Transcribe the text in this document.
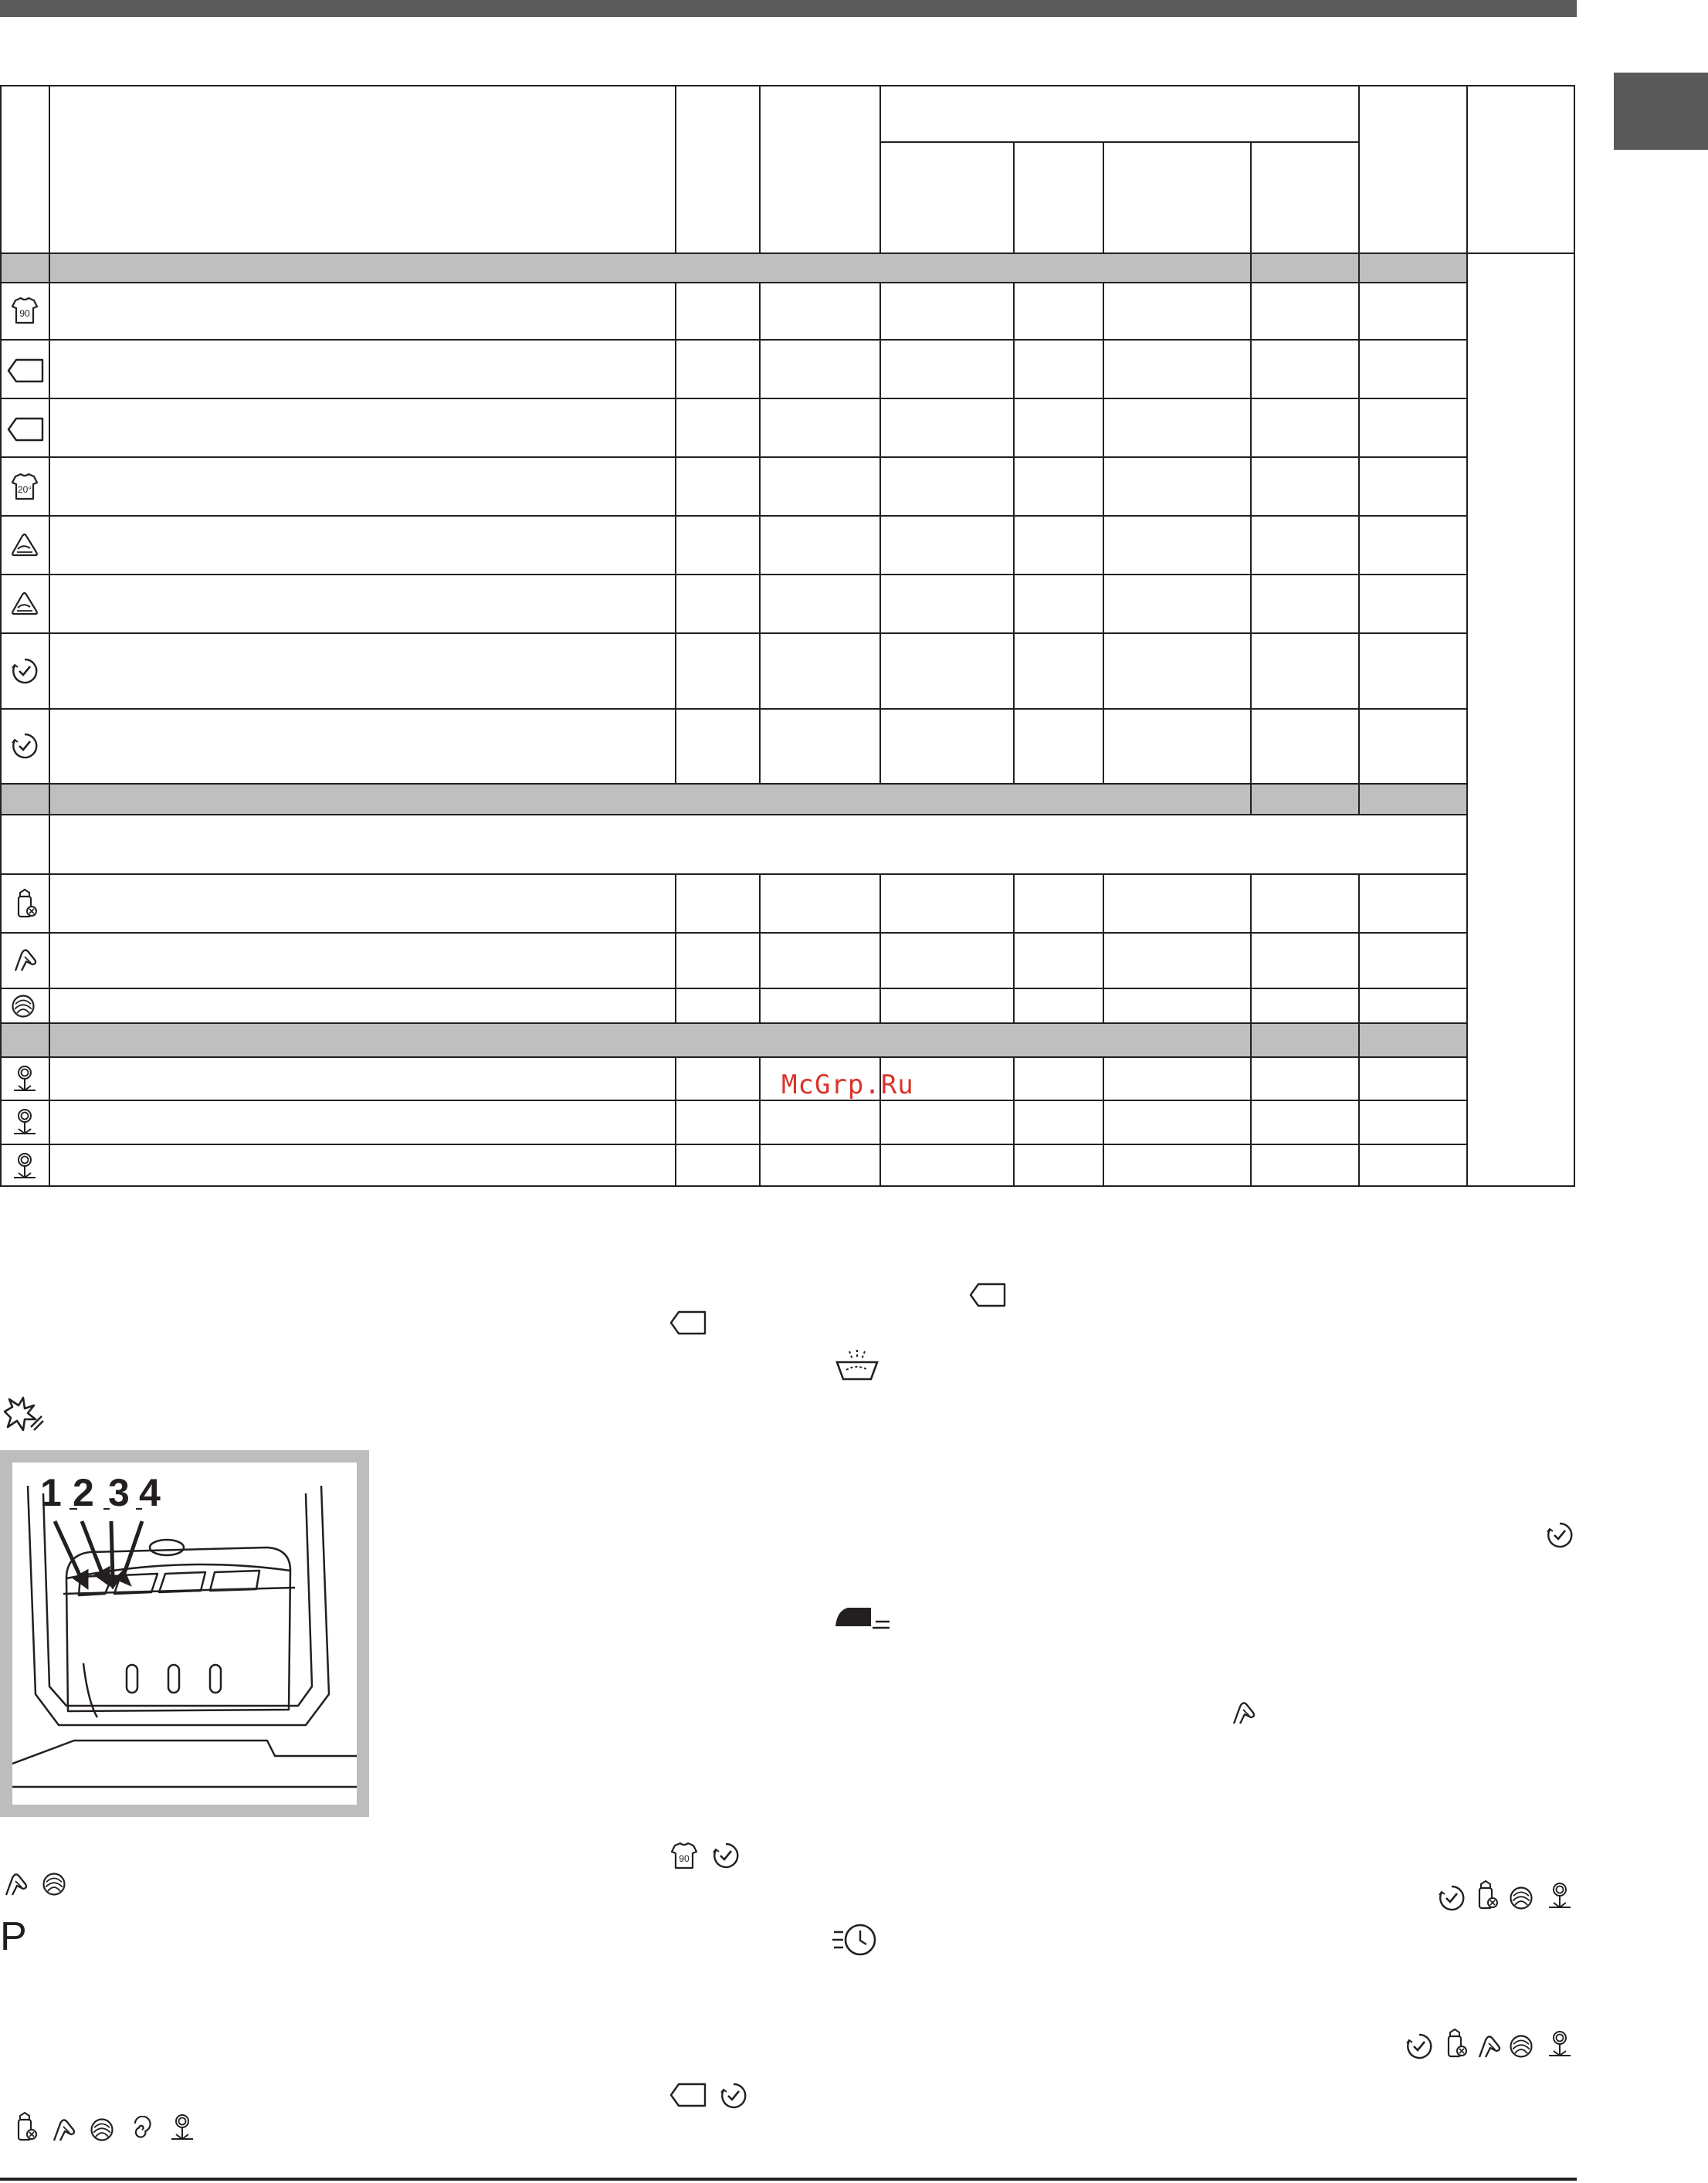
90
20°
McGrp.Ru
90
P
1 2 3 4
